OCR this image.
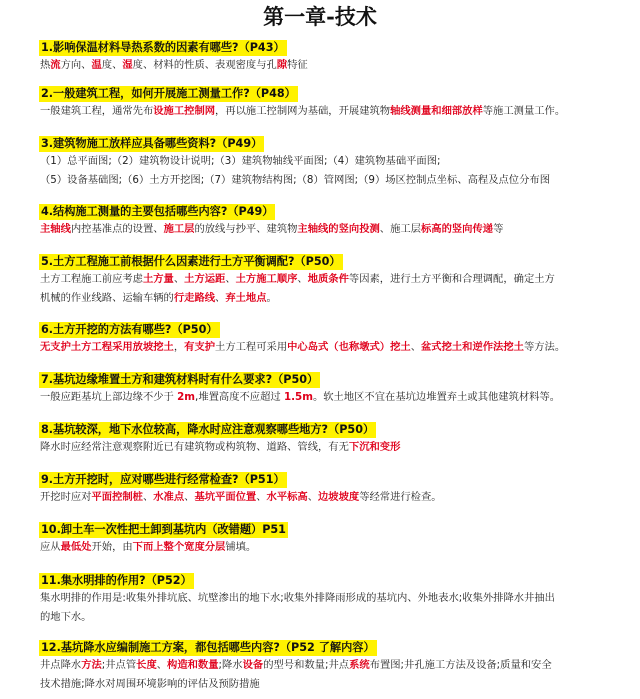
第一章-技术
1.影响保温材料导热系数的因素有哪些?（P43）
热流方向、温度、湿度、材料的性质、表观密度与孔隙特征
2.一般建筑工程，如何开展施工测量工作?（P48）
一般建筑工程，通常先布设施工控制网，再以施工控制网为基础，开展建筑物轴线测量和细部放样等施工测量工作。
3.建筑物施工放样应具备哪些资料?（P49）
（1）总平面图;（2）建筑物设计说明;（3）建筑物轴线平面图;（4）建筑物基础平面图;
（5）设备基础图;（6）土方开挖图;（7）建筑物结构图;（8）管网图;（9）场区控制点坐标、高程及点位分布图
4.结构施工测量的主要包括哪些内容?（P49）
主轴线内控基准点的设置、施工层的放线与抄平、建筑物主轴线的竖向投测、施工层标高的竖向传递等
5.土方工程施工前根据什么因素进行土方平衡调配?（P50）
土方工程施工前应考虑土方量、土方运距、土方施工顺序、地质条件等因素，进行土方平衡和合理调配，确定土方
机械的作业线路、运输车辆的行走路线、弃土地点。
6.土方开挖的方法有哪些?（P50）
无支护土方工程采用放坡挖土，有支护土方工程可采用中心岛式（也称墩式）挖土、盆式挖土和逆作法挖土等方法。
7.基坑边缘堆置土方和建筑材料时有什么要求?（P50）
一般应距基坑上部边缘不少于 2m,堆置高度不应超过 1.5m。软土地区不宜在基坑边堆置弃土或其他建筑材料等。
8.基坑较深，地下水位较高，降水时应注意观察哪些地方?（P50）
降水时应经常注意观察附近已有建筑物或构筑物、道路、管线，有无下沉和变形
9.土方开挖时，应对哪些进行经常检查?（P51）
开挖时应对平面控制桩、水准点、基坑平面位置、水平标高、边坡坡度等经常进行检查。
10.卸土车一次性把土卸到基坑内（改错题）P51
应从最低处开始，由下而上整个宽度分层铺填。
11.集水明排的作用?（P52）
集水明排的作用是:收集外排坑底、坑壁渗出的地下水;收集外排降雨形成的基坑内、外地表水;收集外排降水井抽出
的地下水。
12.基坑降水应编制施工方案，都包括哪些内容?（P52 了解内容）
井点降水方法;井点管长度、构造和数量;降水设备的型号和数量;井点系统布置图;井孔施工方法及设备;质量和安全
技术措施;降水对周围环境影响的评估及预防措施
